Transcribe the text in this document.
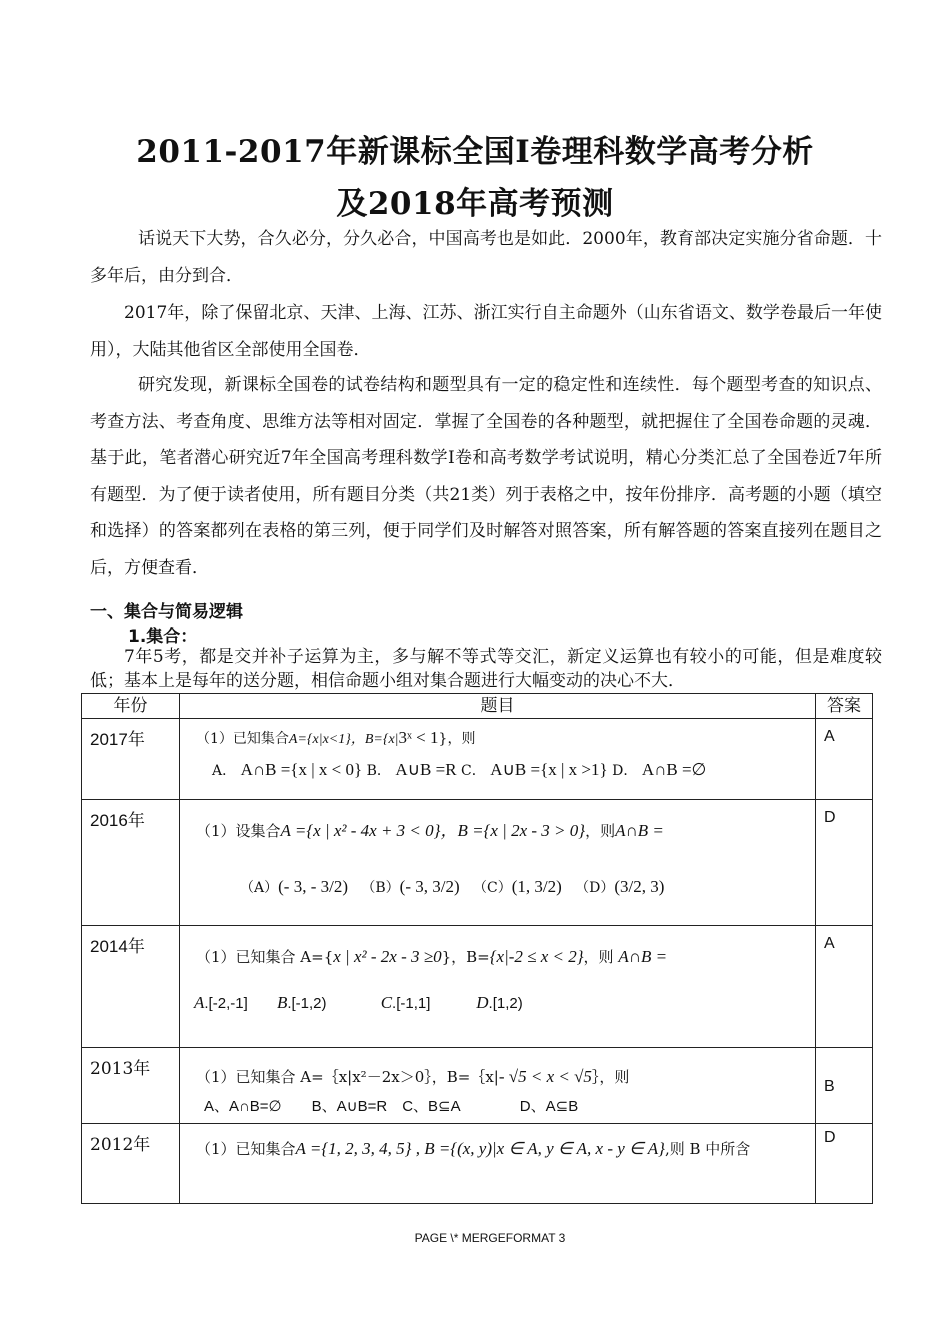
2011-2017年新课标全国Ⅰ卷理科数学高考分析
及2018年高考预测

话说天下大势，合久必分，分久必合，中国高考也是如此．2000年，教育部决定实施分省命题．十多年后，由分到合．

2017年，除了保留北京、天津、上海、江苏、浙江实行自主命题外（山东省语文、数学卷最后一年使用），大陆其他省区全部使用全国卷．

研究发现，新课标全国卷的试卷结构和题型具有一定的稳定性和连续性．每个题型考查的知识点、考查方法、考查角度、思维方法等相对固定．掌握了全国卷的各种题型，就把握住了全国卷命题的灵魂．基于此，笔者潜心研究近7年全国高考理科数学Ⅰ卷和高考数学考试说明，精心分类汇总了全国卷近7年所有题型．为了便于读者使用，所有题目分类（共21类）列于表格之中，按年份排序．高考题的小题（填空和选择）的答案都列在表格的第三列，便于同学们及时解答对照答案，所有解答题的答案直接列在题目之后，方便查看．

一、集合与简易逻辑
1.集合：

7年5考，都是交并补子运算为主，多与解不等式等交汇，新定义运算也有较小的可能，但是难度较低；基本上是每年的送分题，相信命题小组对集合题进行大幅变动的决心不大．

年份	题目	答案

2017年	（1）已知集合A={x|x<1}，B={x|3ˣ < 1}，则
A． A∩B ={x | x < 0} B． A∪B =R C． A∪B ={x | x >1} D． A∩B =∅	A

2016年	（1）设集合A ={x | x² - 4x + 3 < 0}，B ={x | 2x - 3 > 0}，则A∩B =
（A）(- 3, - 3/2) （B）(- 3, 3/2) （C）(1, 3/2) （D）(3/2, 3)	D

2014年	（1）已知集合 A={x | x² - 2x - 3 ≥0}，B={x|-2 ≤ x < 2}，则 A∩B =
A.[-2,-1] B.[-1,2) C.[-1,1] D.[1,2)	A

2013年	（1）已知集合 A=｛x|x²－2x＞0｝，B=｛x|- √5 < x < √5｝，则
A、A∩B=∅　　B、A∪B=R　C、B⊆A　　　　D、A⊆B	B

2012年	（1）已知集合A ={1, 2, 3, 4, 5} , B ={(x, y)|x ∈ A, y ∈ A, x - y ∈ A},则 B 中所含	D
PAGE \* MERGEFORMAT 3
